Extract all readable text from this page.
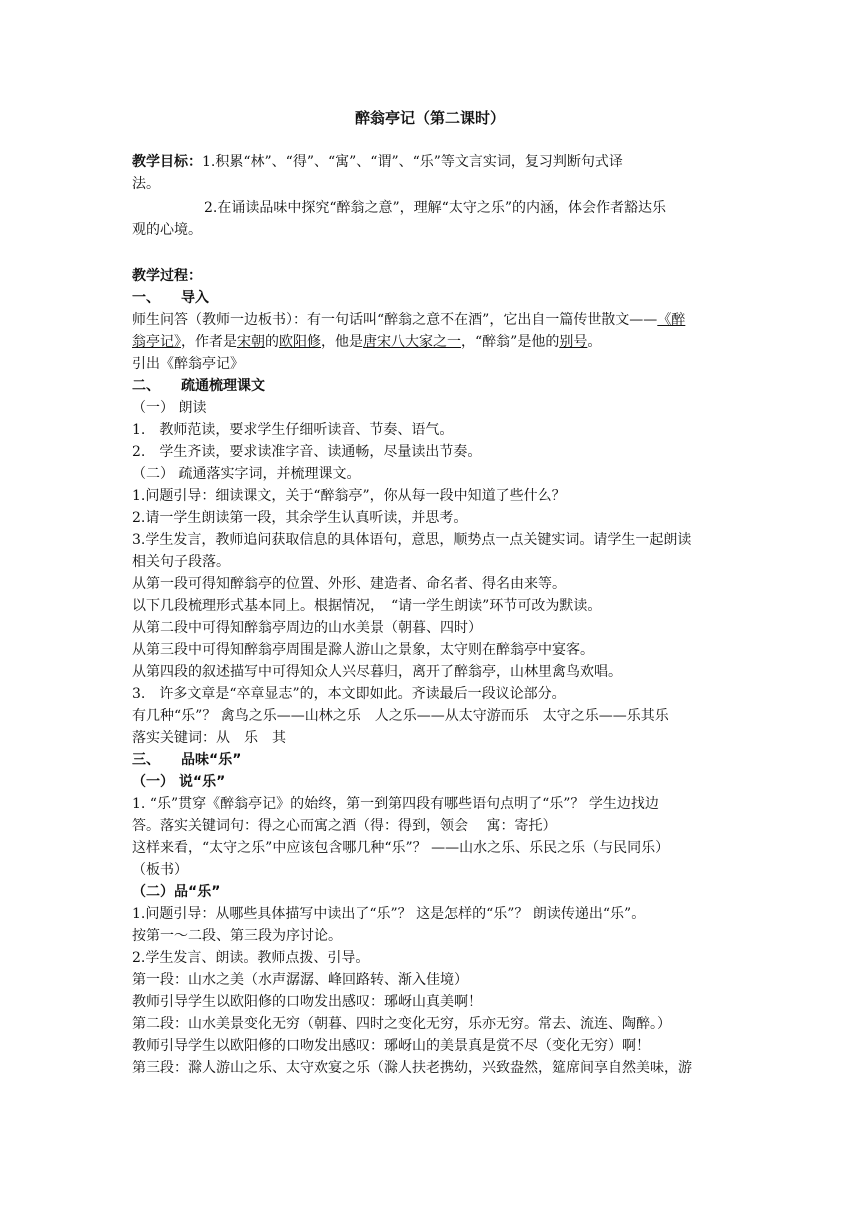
醉翁亭记（第二课时）
教学目标：1.积累“林”、“得”、“寓”、“谓”、“乐”等文言实词，复习判断句式译
法。
2.在诵读品味中探究“醉翁之意”，理解“太守之乐”的内涵，体会作者豁达乐
观的心境。
教学过程：
一、　　导入
师生问答（教师一边板书）：有一句话叫“醉翁之意不在酒”，它出自一篇传世散文——《醉
翁亭记》，作者是宋朝的欧阳修，他是唐宋八大家之一，“醉翁”是他的别号。
引出《醉翁亭记》
二、　　疏通梳理课文
（一） 朗读
1.　教师范读，要求学生仔细听读音、节奏、语气。
2.　学生齐读，要求读准字音、读通畅，尽量读出节奏。
（二） 疏通落实字词，并梳理课文。
1.问题引导：细读课文，关于“醉翁亭”，你从每一段中知道了些什么？
2.请一学生朗读第一段，其余学生认真听读，并思考。
3.学生发言，教师追问获取信息的具体语句，意思，顺势点一点关键实词。请学生一起朗读
相关句子段落。
从第一段可得知醉翁亭的位置、外形、建造者、命名者、得名由来等。
以下几段梳理形式基本同上。根据情况，　“请一学生朗读”环节可改为默读。
从第二段中可得知醉翁亭周边的山水美景（朝暮、四时）
从第三段中可得知醉翁亭周围是滁人游山之景象，太守则在醉翁亭中宴客。
从第四段的叙述描写中可得知众人兴尽暮归，离开了醉翁亭，山林里禽鸟欢唱。
3.　许多文章是“卒章显志”的，本文即如此。齐读最后一段议论部分。
有几种“乐”？ 禽鸟之乐——山林之乐　人之乐——从太守游而乐　太守之乐——乐其乐
落实关键词：从　乐　其
三、　　品味“乐”
（一） 说“乐”
1. “乐”贯穿《醉翁亭记》的始终，第一到第四段有哪些语句点明了“乐”？ 学生边找边
答。落实关键词句：得之心而寓之酒（得：得到，领会　 寓：寄托）
这样来看，“太守之乐”中应该包含哪几种“乐”？ ——山水之乐、乐民之乐（与民同乐）
（板书）
（二）品“乐”
1.问题引导：从哪些具体描写中读出了“乐”？ 这是怎样的“乐”？ 朗读传递出“乐”。
按第一～二段、第三段为序讨论。
2.学生发言、朗读。教师点拨、引导。
第一段：山水之美（水声潺潺、峰回路转、渐入佳境）
教师引导学生以欧阳修的口吻发出感叹：琊岈山真美啊！
第二段：山水美景变化无穷（朝暮、四时之变化无穷，乐亦无穷。常去、流连、陶醉。）
教师引导学生以欧阳修的口吻发出感叹：琊岈山的美景真是赏不尽（变化无穷）啊！
第三段：滁人游山之乐、太守欢宴之乐（滁人扶老携幼，兴致盎然，筵席间享自然美味，游
